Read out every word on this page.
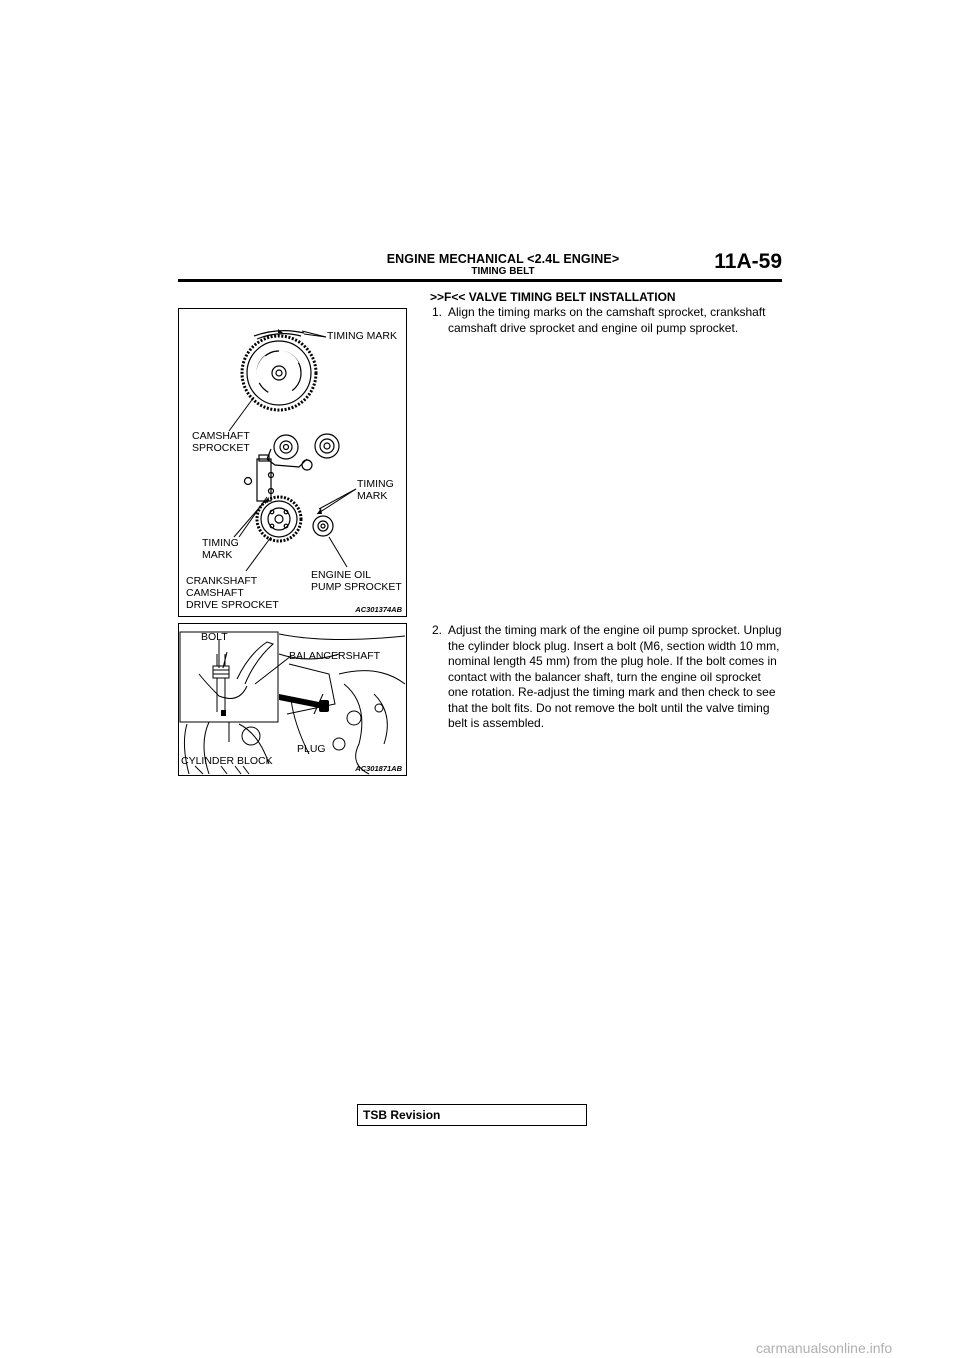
ENGINE MECHANICAL <2.4L ENGINE>
TIMING BELT	11A-59
TIMING MARK
CAMSHAFT
SPROCKET
TIMING
MARK
TIMING
MARK
CRANKSHAFT
CAMSHAFT
DRIVE SPROCKET
ENGINE OIL
PUMP SPROCKET
AC301374AB
BOLT
BALANCERSHAFT
PLUG
CYLINDER BLOCK
AC301871AB
>>F<< VALVE TIMING BELT INSTALLATION
1. Align the timing marks on the camshaft sprocket, crankshaft camshaft drive sprocket and engine oil pump sprocket.
2. Adjust the timing mark of the engine oil pump sprocket. Unplug the cylinder block plug. Insert a bolt (M6, section width 10 mm, nominal length 45 mm) from the plug hole. If the bolt comes in contact with the balancer shaft, turn the engine oil sprocket one rotation. Re-adjust the timing mark and then check to see that the bolt fits. Do not remove the bolt until the valve timing belt is assembled.
TSB Revision
carmanualsonline.info
